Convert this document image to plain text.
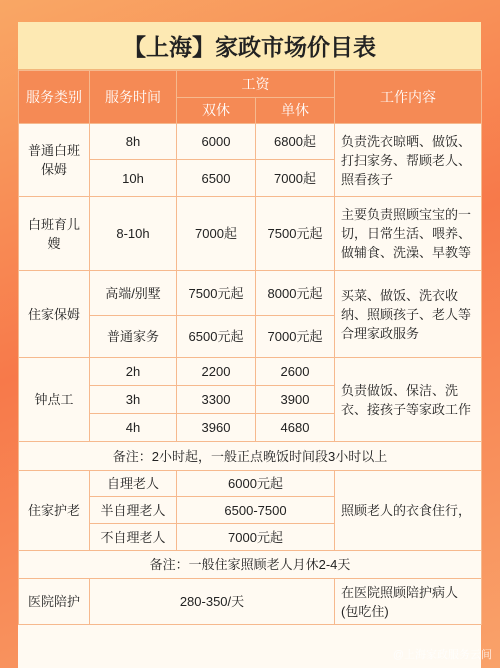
【上海】家政市场价目表
服务类别	服务时间	工资		工作内容
		双休	单休	
普通白班保姆	8h	6000	6800起	负责洗衣晾晒、做饭、打扫家务、帮顾老人、照看孩子
	10h	6500	7000起	
白班育儿嫂	8-10h	7000起	7500元起	主要负责照顾宝宝的一切，日常生活、喂养、做辅食、洗澡、早教等
住家保姆	高端/别墅	7500元起	8000元起	买菜、做饭、洗衣收纳、照顾孩子、老人等合理家政服务
	普通家务	6500元起	7000元起	
钟点工	2h	2200	2600	负责做饭、保洁、洗衣、接孩子等家政工作
	3h	3300	3900	
	4h	3960	4680	
备注：2小时起，一般正点晚饭时间段3小时以上				
住家护老	自理老人	6000元起		照顾老人的衣食住行，
	半自理老人	6500-7500		
	不自理老人	7000元起		
备注：一般住家照顾老人月休2-4天				
医院陪护	280-350/天			在医院照顾陪护病人(包吃住)
@上海家政服务云间
